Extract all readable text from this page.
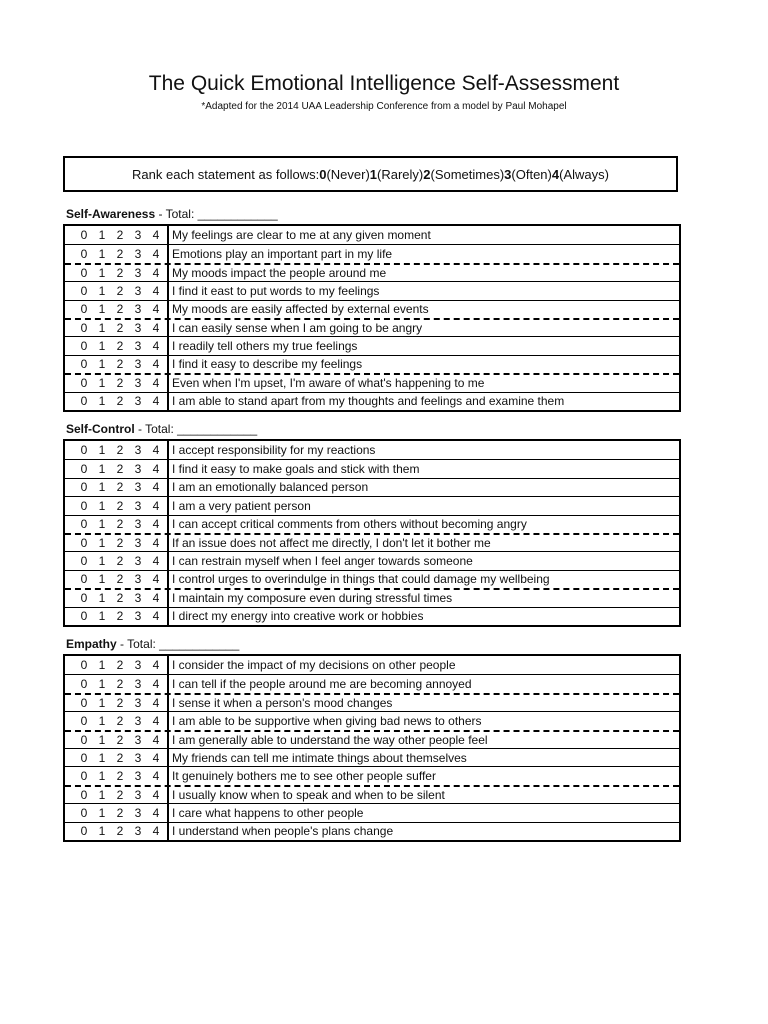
The Quick Emotional Intelligence Self-Assessment
*Adapted for the 2014 UAA Leadership Conference from a model by Paul Mohapel
Rank each statement as follows: 0 (Never) 1 (Rarely) 2 (Sometimes) 3 (Often) 4 (Always)
Self-Awareness - Total: ____________
0 1 2 3 4	My feelings are clear to me at any given moment
0 1 2 3 4	Emotions play an important part in my life
0 1 2 3 4	My moods impact the people around me
0 1 2 3 4	I find it east to put words to my feelings
0 1 2 3 4	My moods are easily affected by external events
0 1 2 3 4	I can easily sense when I am going to be angry
0 1 2 3 4	I readily tell others my true feelings
0 1 2 3 4	I find it easy to describe my feelings
0 1 2 3 4	Even when I'm upset, I'm aware of what's happening to me
0 1 2 3 4	I am able to stand apart from my thoughts and feelings and examine them
Self-Control - Total: ____________
0 1 2 3 4	I accept responsibility for my reactions
0 1 2 3 4	I find it easy to make goals and stick with them
0 1 2 3 4	I am an emotionally balanced person
0 1 2 3 4	I am a very patient person
0 1 2 3 4	I can accept critical comments from others without becoming angry
0 1 2 3 4	If an issue does not affect me directly, I don't let it bother me
0 1 2 3 4	I can restrain myself when I feel anger towards someone
0 1 2 3 4	I control urges to overindulge in things that could damage my wellbeing
0 1 2 3 4	I maintain my composure even during stressful times
0 1 2 3 4	I direct my energy into creative work or hobbies
Empathy - Total: ____________
0 1 2 3 4	I consider the impact of my decisions on other people
0 1 2 3 4	I can tell if the people around me are becoming annoyed
0 1 2 3 4	I sense it when a person's mood changes
0 1 2 3 4	I am able to be supportive when giving bad news to others
0 1 2 3 4	I am generally able to understand the way other people feel
0 1 2 3 4	My friends can tell me intimate things about themselves
0 1 2 3 4	It genuinely bothers me to see other people suffer
0 1 2 3 4	I usually know when to speak and when to be silent
0 1 2 3 4	I care what happens to other people
0 1 2 3 4	I understand when people's plans change
